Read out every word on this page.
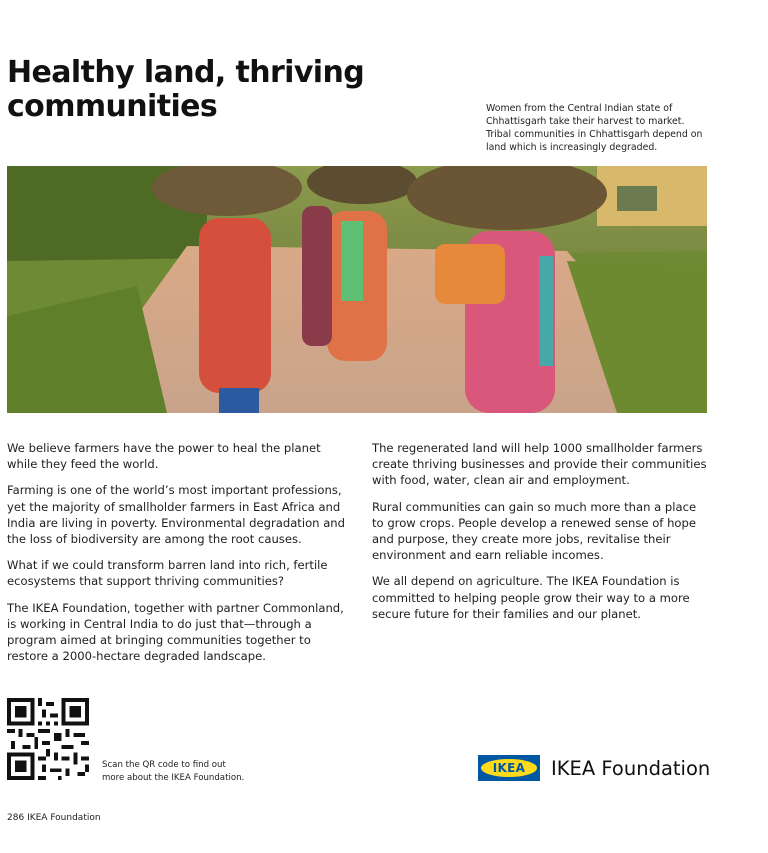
Healthy land, thriving
communities	Women from the Central Indian state of Chhattisgarh take their harvest to market. Tribal communities in Chhattisgarh depend on land which is increasingly degraded.

We believe farmers have the power to heal the planet while they feed the world.

Farming is one of the world’s most important professions, yet the majority of smallholder farmers in East Africa and India are living in poverty. Environmental degradation and the loss of biodiversity are among the root causes.

What if we could transform barren land into rich, fertile ecosystems that support thriving communities?

The IKEA Foundation, together with partner Commonland, is working in Central India to do just that—through a program aimed at bringing communities together to restore a 2000-hectare degraded landscape.

The regenerated land will help 1000 smallholder farmers create thriving businesses and provide their communities with food, water, clean air and employment.

Rural communities can gain so much more than a place to grow crops. People develop a renewed sense of hope and purpose, they create more jobs, revitalise their environment and earn reliable incomes.

We all depend on agriculture. The IKEA Foundation is committed to helping people grow their way to a more secure future for their families and our planet.

Scan the QR code to find out
more about the IKEA Foundation.

IKEA IKEA Foundation
286 IKEA Foundation
